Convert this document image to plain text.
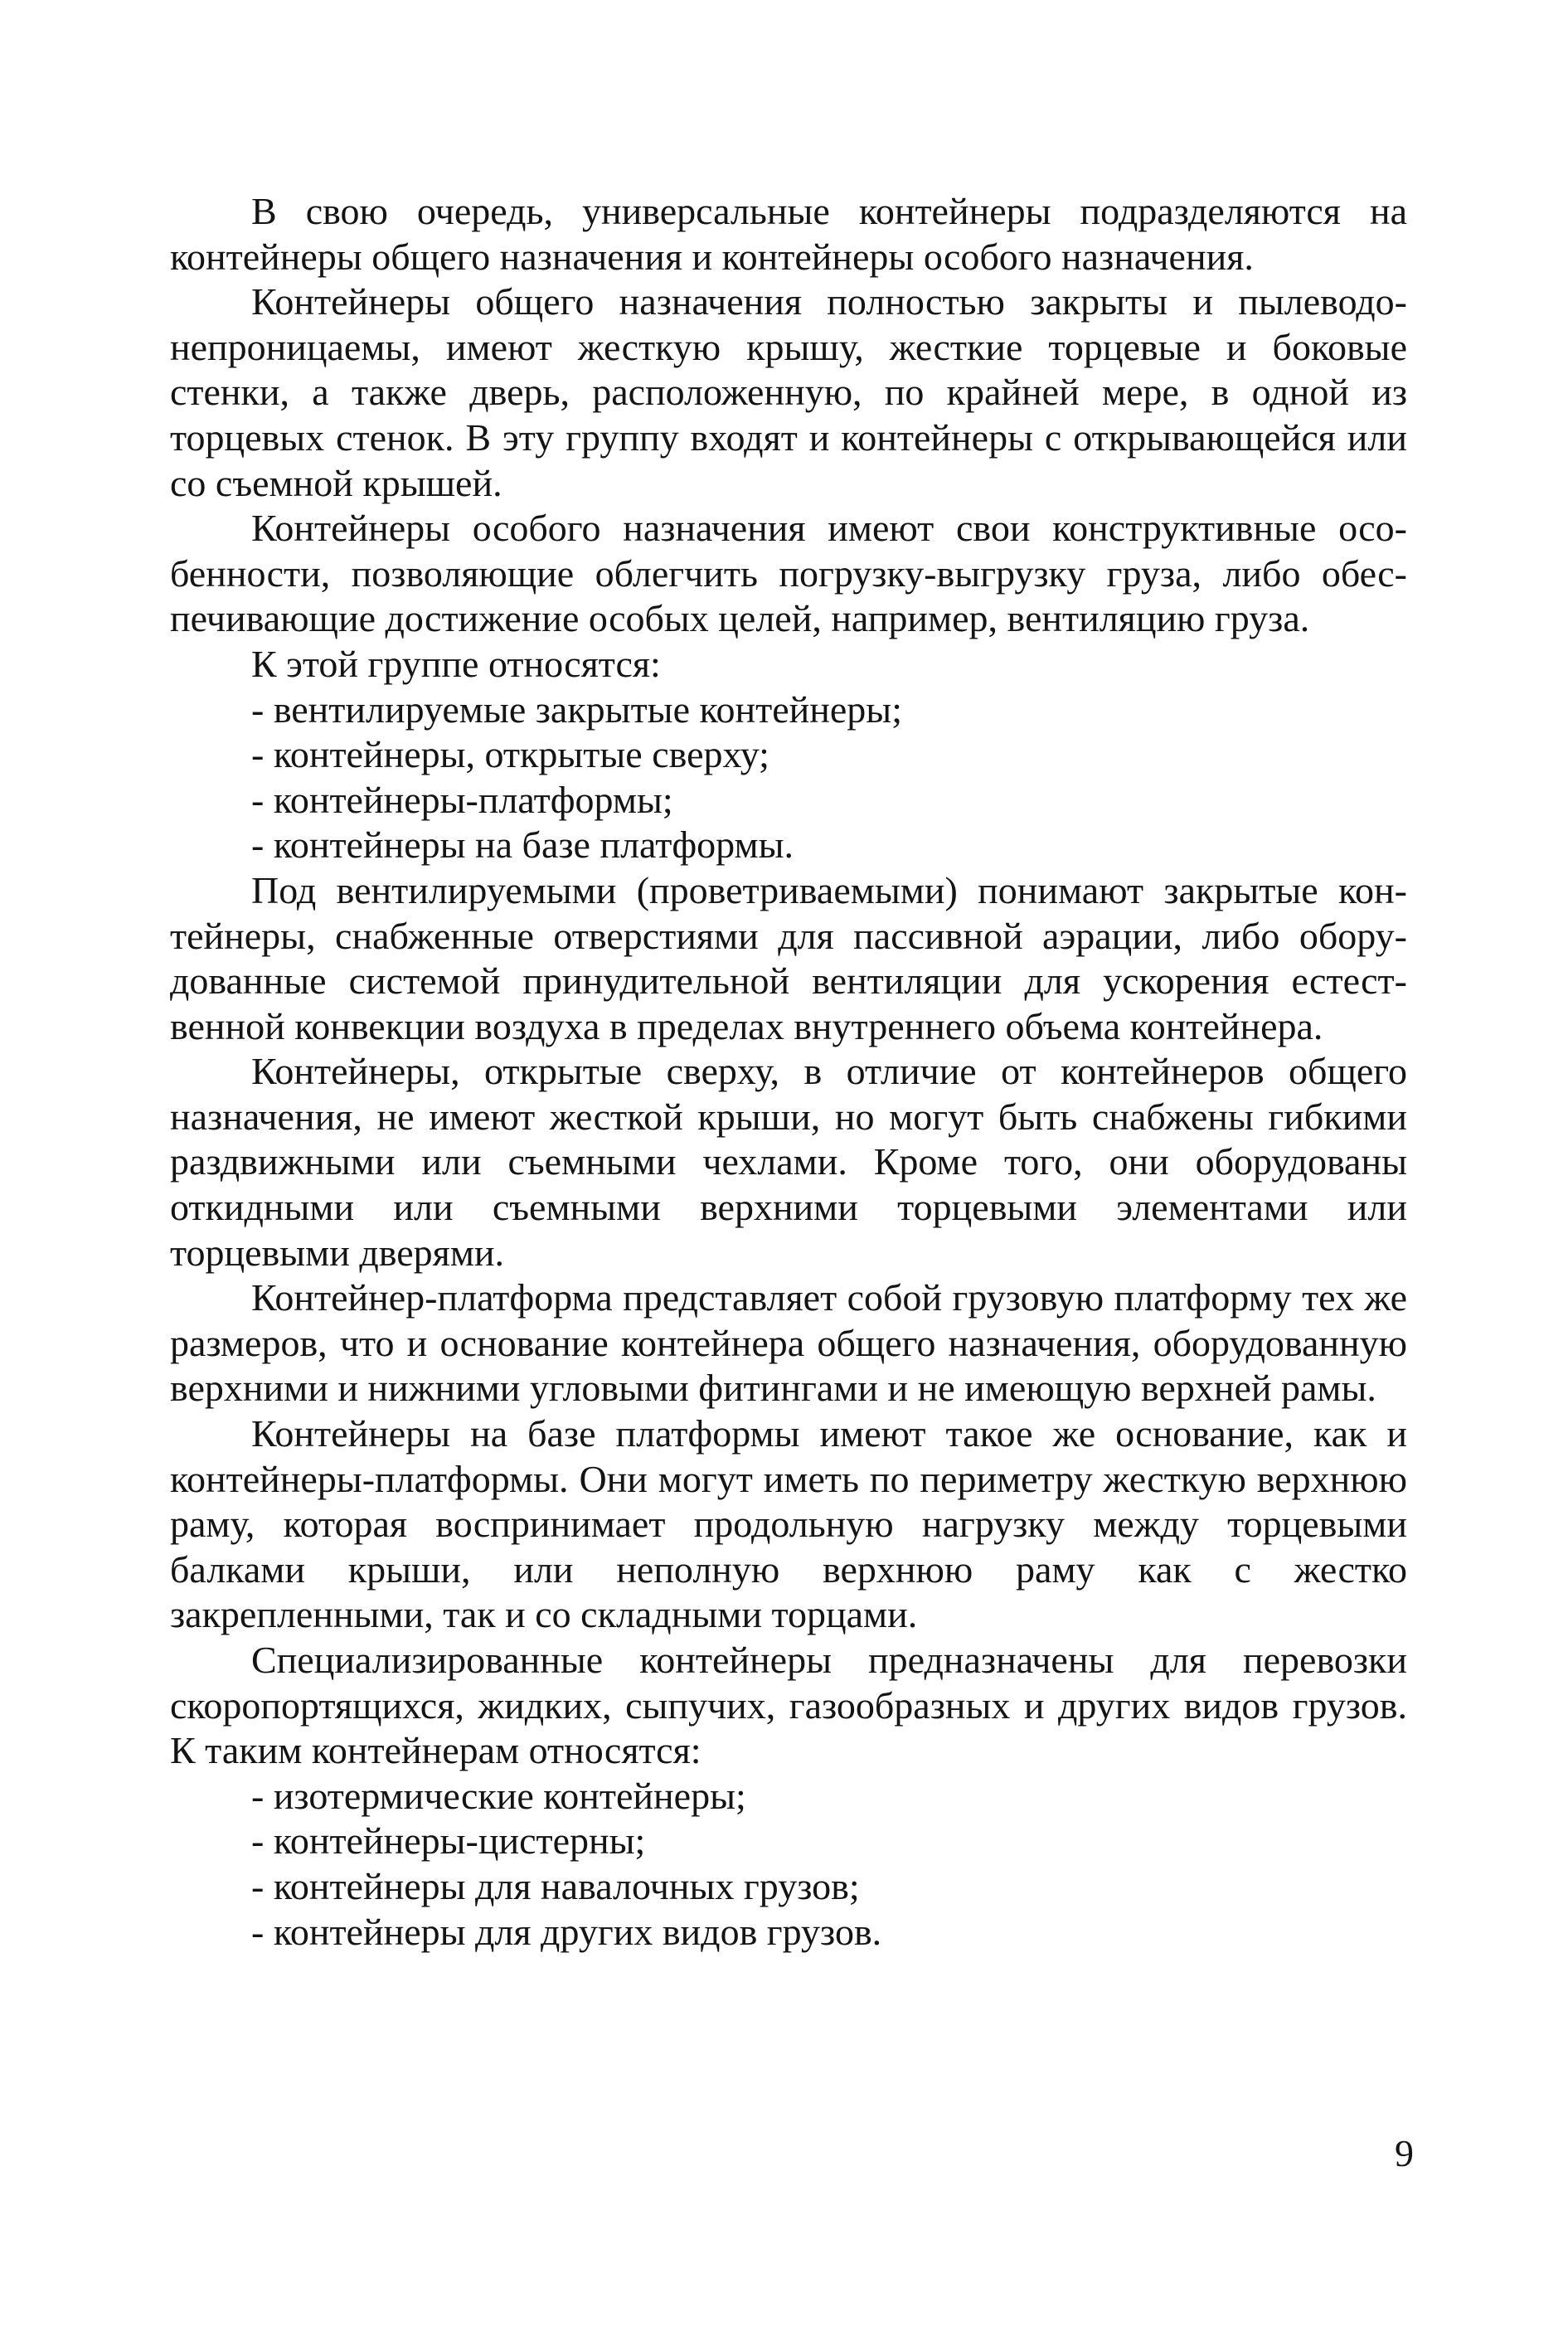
В свою очередь, универсальные контейнеры подразделяются на контейнеры общего назначения и контейнеры особого назначения.

Контейнеры общего назначения полностью закрыты и пылеводонепроницаемы, имеют жесткую крышу, жесткие торцевые и боковые стенки, а также дверь, расположенную, по крайней мере, в одной из торцевых стенок. В эту группу входят и контейнеры с открывающейся или со съемной крышей.

Контейнеры особого назначения имеют свои конструктивные особенности, позволяющие облегчить погрузку-выгрузку груза, либо обеспечивающие достижение особых целей, например, вентиляцию груза.

К этой группе относятся:

- вентилируемые закрытые контейнеры;
- контейнеры, открытые сверху;
- контейнеры-платформы;
- контейнеры на базе платформы.

Под вентилируемыми (проветриваемыми) понимают закрытые контейнеры, снабженные отверстиями для пассивной аэрации, либо оборудованные системой принудительной вентиляции для ускорения естественной конвекции воздуха в пределах внутреннего объема контейнера.

Контейнеры, открытые сверху, в отличие от контейнеров общего назначения, не имеют жесткой крыши, но могут быть снабжены гибкими раздвижными или съемными чехлами. Кроме того, они оборудованы откидными или съемными верхними торцевыми элементами или торцевыми дверями.

Контейнер-платформа представляет собой грузовую платформу тех же размеров, что и основание контейнера общего назначения, оборудованную верхними и нижними угловыми фитингами и не имеющую верхней рамы.

Контейнеры на базе платформы имеют такое же основание, как и контейнеры-платформы. Они могут иметь по периметру жесткую верхнюю раму, которая воспринимает продольную нагрузку между торцевыми балками крыши, или неполную верхнюю раму как с жестко закрепленными, так и со складными торцами.

Специализированные контейнеры предназначены для перевозки скоропортящихся, жидких, сыпучих, газообразных и других видов грузов. К таким контейнерам относятся:

- изотермические контейнеры;
- контейнеры-цистерны;
- контейнеры для навалочных грузов;
- контейнеры для других видов грузов.
9
